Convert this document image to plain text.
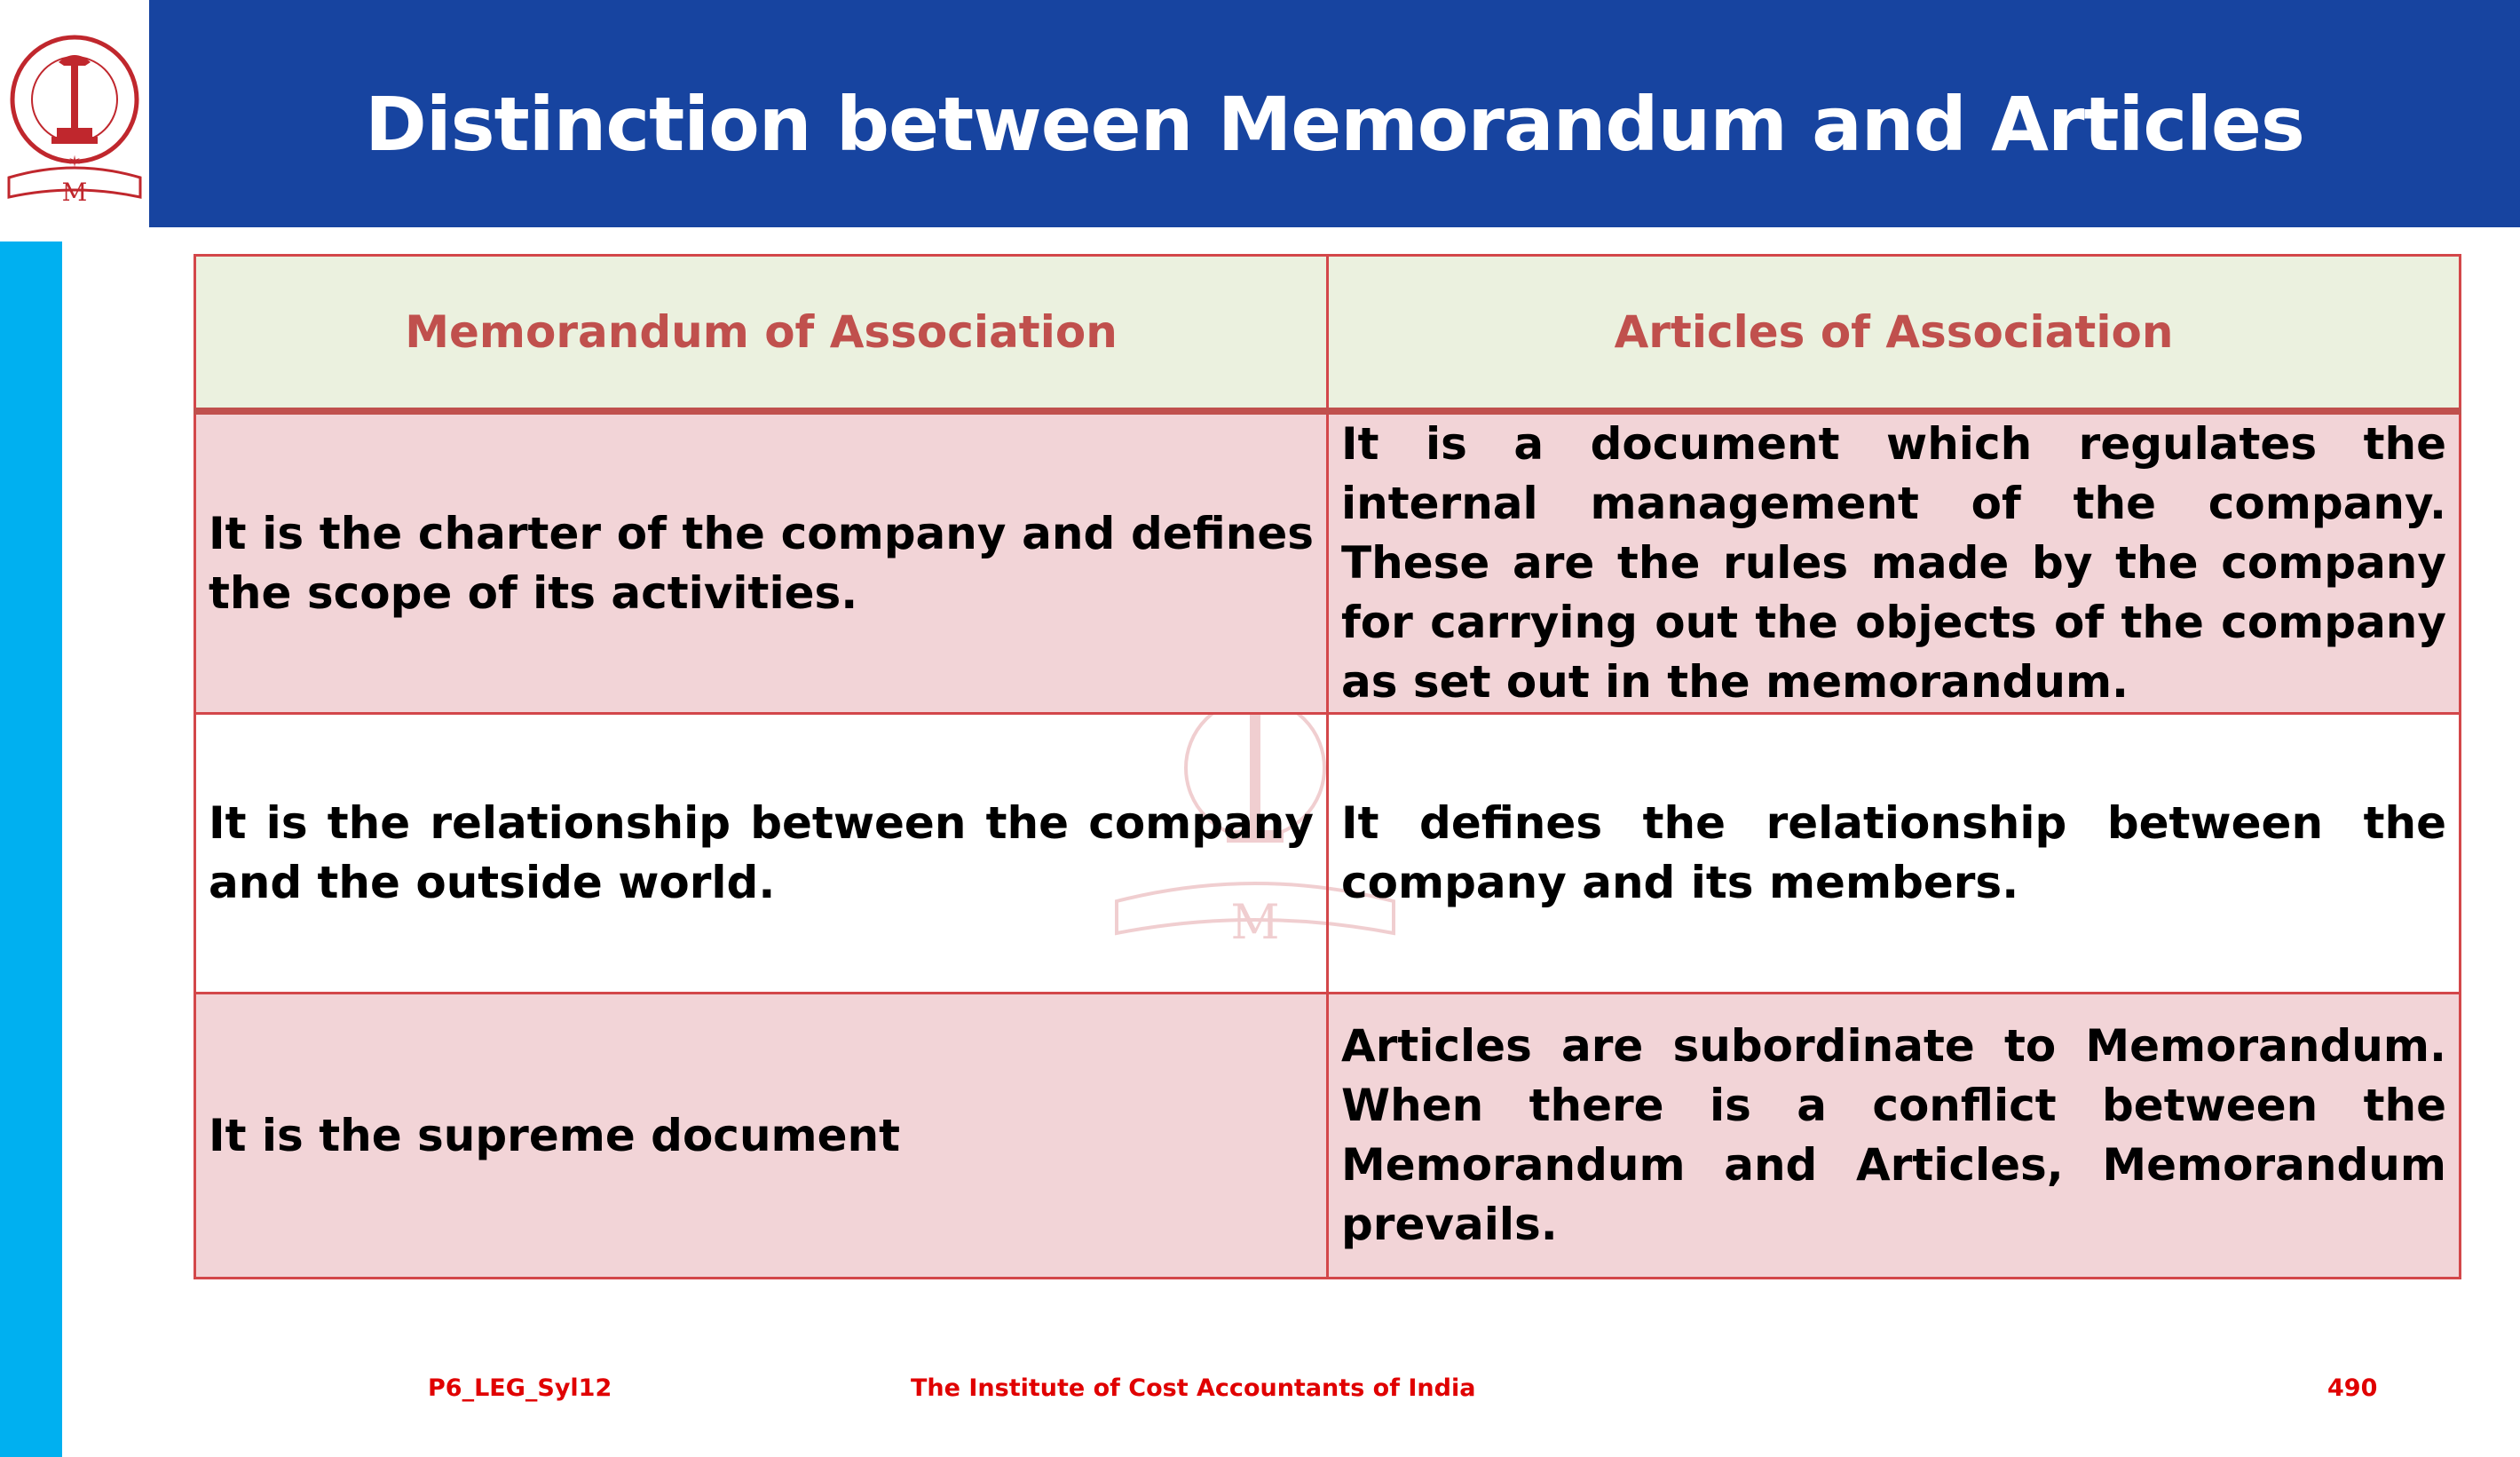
M
✶	Distinction between Memorandum and Articles
M
Memorandum of Association	Articles of Association
It is the charter of the company and defines the scope of its activities.	It is a document which regulates the internal management of the company. These are the rules made by the company for carrying out the objects of the company as set out in the memorandum.
It is the relationship between the company and the outside world.	It defines the relationship between the company and its members.
It is the supreme document	Articles are subordinate to Memorandum. When there is a conflict between the Memorandum and Articles, Memorandum prevails.
P6_LEG_Syl12	The Institute of Cost Accountants of India	490
